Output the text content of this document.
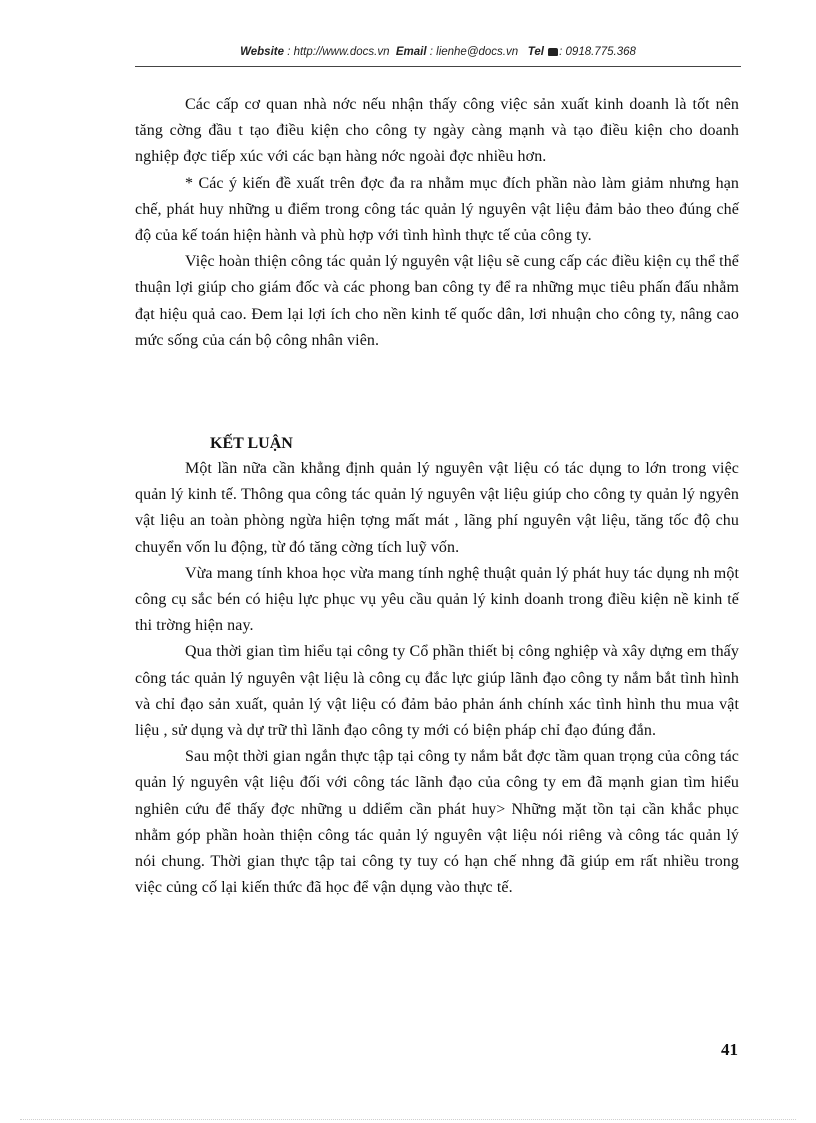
Website : http://www.docs.vn Email : lienhe@docs.vn Tel : 0918.775.368

Các cấp cơ quan nhà nớc nếu nhận thấy công việc sản xuất kinh doanh là tốt nên tăng cờng đầu t tạo điều kiện cho công ty ngày càng mạnh và tạo điều kiện cho doanh nghiệp đợc tiếp xúc với các bạn hàng nớc ngoài đợc nhiều hơn.

* Các ý kiến đề xuất trên đợc đa ra nhằm mục đích phần nào làm giảm nhưng hạn chế, phát huy những u điểm trong công tác quản lý nguyên vật liệu đảm bảo theo đúng chế độ của kế toán hiện hành và phù hợp với tình hình thực tế của công ty.

Việc hoàn thiện công tác quản lý nguyên vật liệu sẽ cung cấp các điều kiện cụ thể thể thuận lợi giúp cho giám đốc và các phong ban công ty để ra những mục tiêu phấn đấu nhằm đạt hiệu quả cao. Đem lại lợi ích cho nền kinh tế quốc dân, lơi nhuận cho công ty, nâng cao mức sống của cán bộ công nhân viên.

KẾT LUẬN

Một lần nữa cần khẳng định quản lý nguyên vật liệu có tác dụng to lớn trong việc quản lý kinh tế. Thông qua công tác quản lý nguyên vật liệu giúp cho công ty quản lý ngyên vật liệu an toàn phòng ngừa hiện tợng mất mát , lãng phí nguyên vật liệu, tăng tốc độ chu chuyển vốn lu động, từ đó tăng cờng tích luỹ vốn.

Vừa mang tính khoa học vừa mang tính nghệ thuật quản lý phát huy tác dụng nh một công cụ sắc bén có hiệu lực phục vụ yêu cầu quản lý kinh doanh trong điều kiện nề kinh tế thi trờng hiện nay.

Qua thời gian tìm hiểu tại công ty Cổ phần thiết bị công nghiệp và xây dựng em thấy công tác quản lý nguyên vật liệu là công cụ đắc lực giúp lãnh đạo công ty nắm bắt tình hình và chỉ đạo sản xuất, quản lý vật liệu có đảm bảo phản ánh chính xác tình hình thu mua vật liệu , sử dụng và dự trữ thì lãnh đạo công ty mới có biện pháp chỉ đạo đúng đắn.

Sau một thời gian ngắn thực tập tại công ty nắm bắt đợc tầm quan trọng của công tác quản lý nguyên vật liệu đối với công tác lãnh đạo của công ty em đã mạnh gian tìm hiểu nghiên cứu để thấy đợc những u ddiểm cần phát huy> Những mặt tồn tại cần khắc phục nhằm góp phần hoàn thiện công tác quản lý nguyên vật liệu nói riêng và công tác quản lý nói chung. Thời gian thực tập tai công ty tuy có hạn chế nhng đã giúp em rất nhiều trong việc củng cố lại kiến thức đã học để vận dụng vào thực tế.

41
